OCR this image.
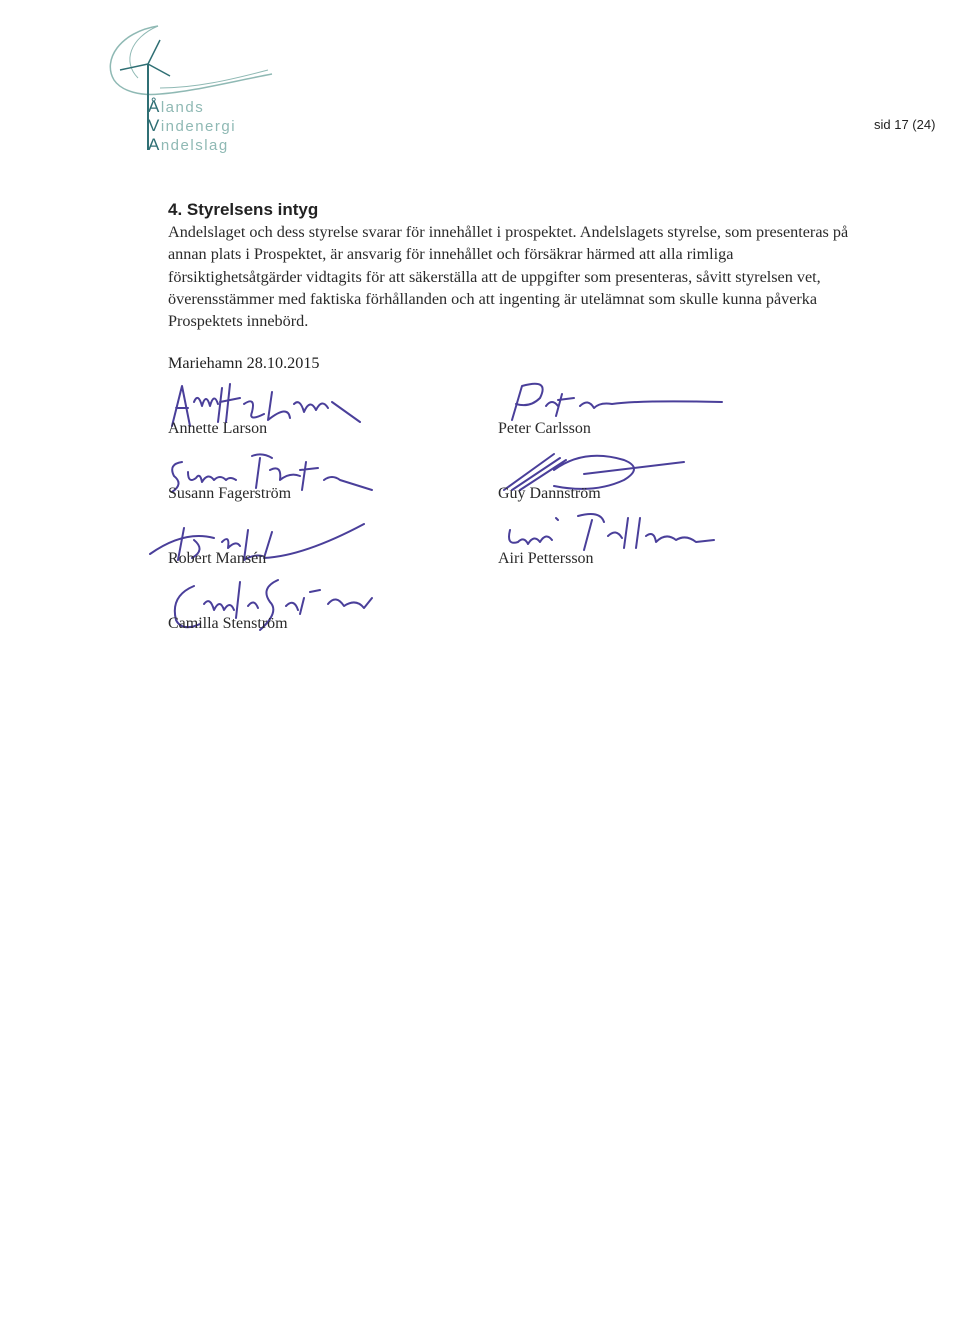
Ålands
Vindenergi
Andelslag
sid 17 (24)
4. Styrelsens intyg
Andelslaget och dess styrelse svarar för innehållet i prospektet. Andelslagets styrelse, som presenteras på
annan plats i Prospektet, är ansvarig för innehållet och försäkrar härmed att alla rimliga
försiktighetsåtgärder vidtagits för att säkerställa att de uppgifter som presenteras, såvitt styrelsen vet,
överensstämmer med faktiska förhållanden och att ingenting är utelämnat som skulle kunna påverka
Prospektets innebörd.
Mariehamn 28.10.2015
Annette Larson	Peter Carlsson
Susann Fagerström	Guy Dannström
Robert Mansén	Airi Pettersson
Camilla Stenström
